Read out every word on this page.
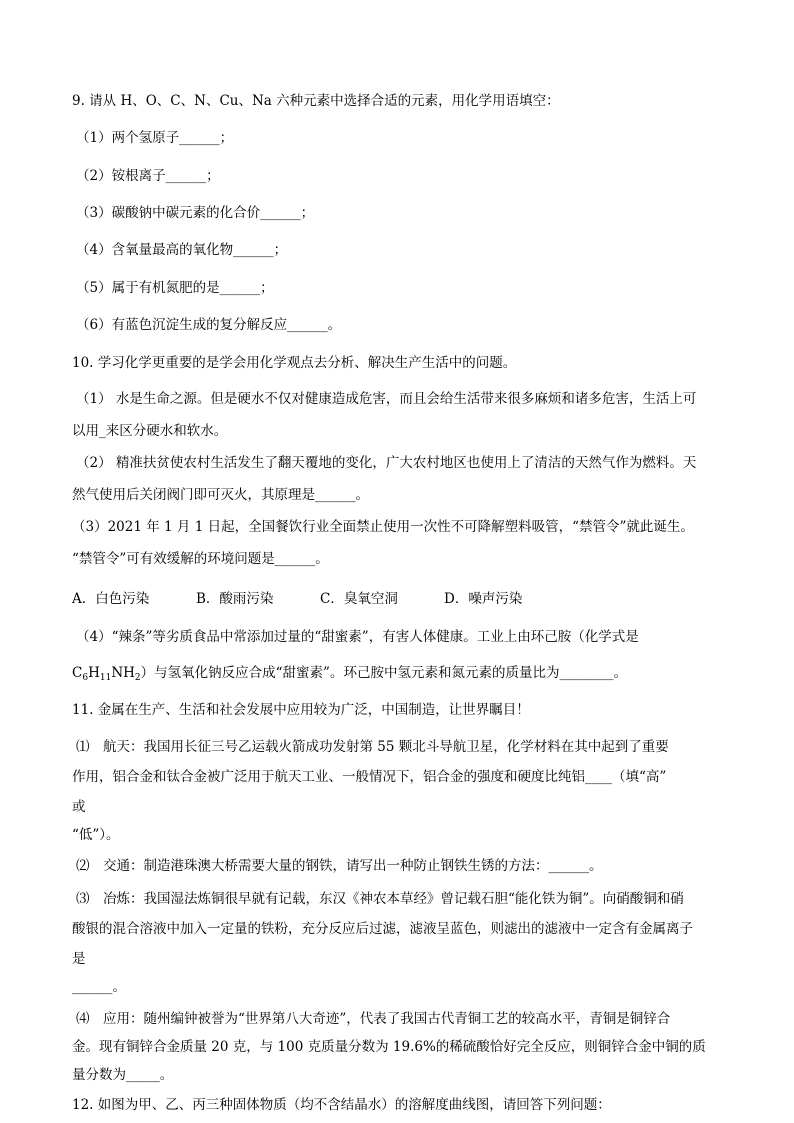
9. 请从 H、O、C、N、Cu、Na 六种元素中选择合适的元素，用化学用语填空：
（1）两个氢原子______；
（2）铵根离子______；
（3）碳酸钠中碳元素的化合价______；
（4）含氧量最高的氧化物______；
（5）属于有机氮肥的是______；
（6）有蓝色沉淀生成的复分解反应______。
10. 学习化学更重要的是学会用化学观点去分析、解决生产生活中的问题。
（1） 水是生命之源。但是硬水不仅对健康造成危害，而且会给生活带来很多麻烦和诸多危害，生活上可
以用_来区分硬水和软水。
（2） 精准扶贫使农村生活发生了翻天覆地的变化，广大农村地区也使用上了清洁的天然气作为燃料。天
然气使用后关闭阀门即可灭火，其原理是______。
（3）2021 年 1 月 1 日起，全国餐饮行业全面禁止使用一次性不可降解塑料吸管，“禁管令”就此诞生。
“禁管令”可有效缓解的环境问题是______。
A．白色污染	B．酸雨污染	C．臭氧空洞	D．噪声污染
（4）“辣条”等劣质食品中常添加过量的“甜蜜素”，有害人体健康。工业上由环己胺（化学式是
$C_6H_{11}NH_2$）与氢氧化钠反应合成“甜蜜素”。环己胺中氢元素和氮元素的质量比为________。
11. 金属在生产、生活和社会发展中应用较为广泛，中国制造，让世界瞩目！
⑴　航天：我国用长征三号乙运载火箭成功发射第 55 颗北斗导航卫星，化学材料在其中起到了重要
作用，铝合金和钛合金被广泛用于航天工业、一般情况下，铝合金的强度和硬度比纯铝____（填“高”
或
“低”）。
⑵　交通：制造港珠澳大桥需要大量的钢铁，请写出一种防止钢铁生锈的方法：______。
⑶　冶炼：我国湿法炼铜很早就有记载，东汉《神农本草经》曾记载石胆“能化铁为铜”。向硝酸铜和硝
酸银的混合溶液中加入一定量的铁粉，充分反应后过滤，滤液呈蓝色，则滤出的滤液中一定含有金属离子
是
______。
⑷　应用：随州编钟被誉为“世界第八大奇迹”，代表了我国古代青铜工艺的较高水平，青铜是铜锌合
金。现有铜锌合金质量 20 克，与 100 克质量分数为 19.6%的稀硫酸恰好完全反应，则铜锌合金中铜的质
量分数为_____。
12. 如图为甲、乙、丙三种固体物质（均不含结晶水）的溶解度曲线图，请回答下列问题：
